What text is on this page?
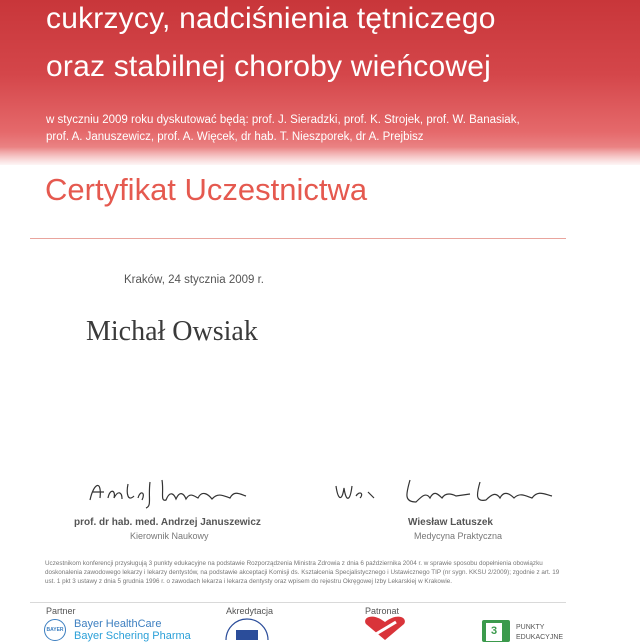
cukrzycy, nadciśnienia tętniczego
oraz stabilnej choroby wieńcowej
w styczniu 2009 roku dyskutować będą: prof. J. Sieradzki, prof. K. Strojek, prof. W. Banasiak,
prof. A. Januszewicz, prof. A. Więcek, dr hab. T. Nieszporek, dr A. Prejbisz
Certyfikat Uczestnictwa
Kraków, 24 stycznia 2009 r.
Michał Owsiak
prof. dr hab. med. Andrzej Januszewicz
Kierownik Naukowy
Wiesław Latuszek
Medycyna Praktyczna
Uczestnikom konferencji przysługują 3 punkty edukacyjne na podstawie Rozporządzenia Ministra Zdrowia z dnia 6 października 2004 r. w sprawie sposobu dopełnienia obowiązku
doskonalenia zawodowego lekarzy i lekarzy dentystów, na podstawie akceptacji Komisji ds. Kształcenia Specjalistycznego i Ustawicznego TIP (nr sygn. KKSU 2/2009); zgodnie z art. 19
ust. 1 pkt 3 ustawy z dnia 5 grudnia 1996 r. o zawodach lekarza i lekarza dentysty oraz wpisem do rejestru Okręgowej Izby Lekarskiej w Krakowie.
Partner
BAYER Bayer HealthCare
Bayer Schering Pharma
Akredytacja	Patronat
3	PUNKTY
EDUKACYJNE
